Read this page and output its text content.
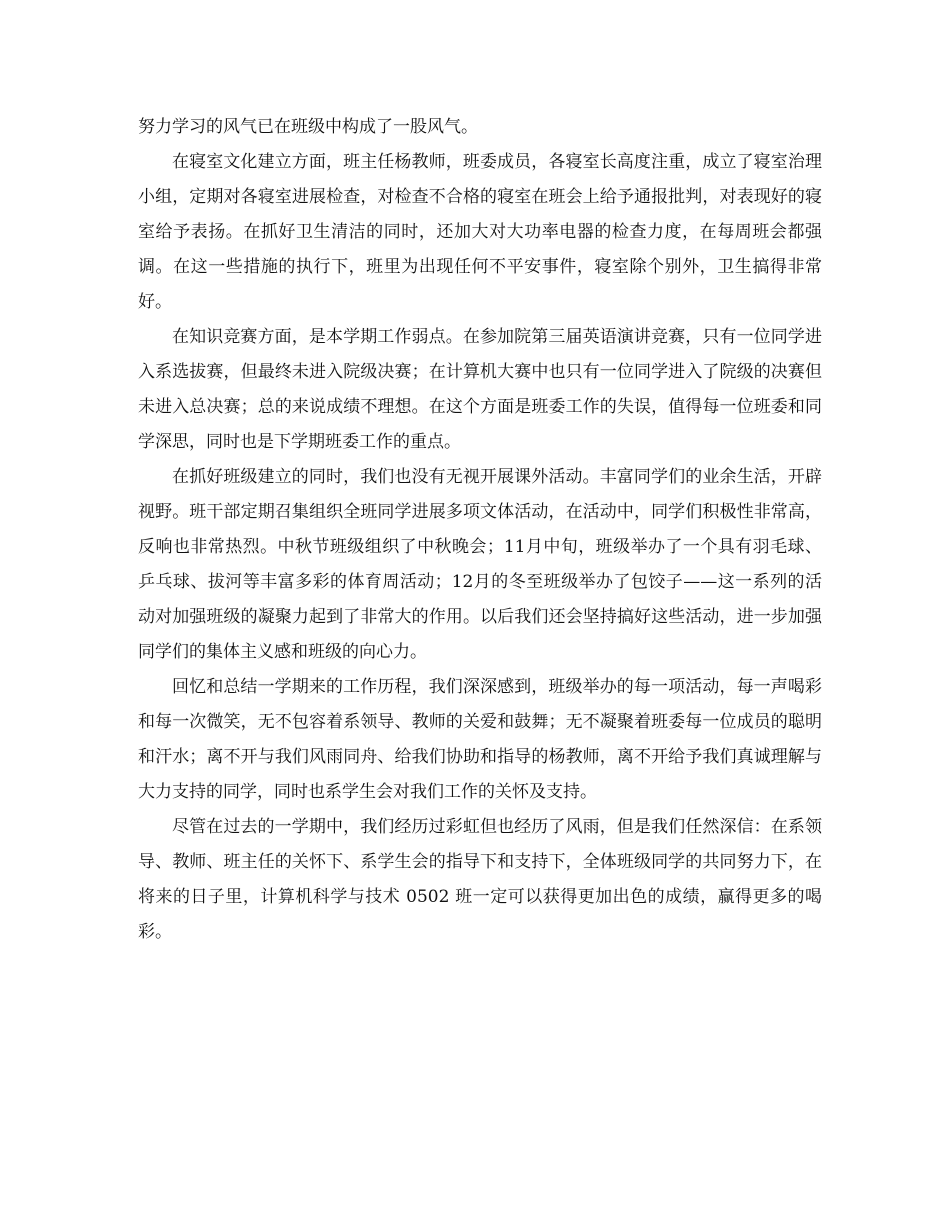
努力学习的风气已在班级中构成了一股风气。

在寝室文化建立方面，班主任杨教师，班委成员，各寝室长高度注重，成立了寝室治理小组，定期对各寝室进展检查，对检查不合格的寝室在班会上给予通报批判，对表现好的寝室给予表扬。在抓好卫生清洁的同时，还加大对大功率电器的检查力度，在每周班会都强调。在这一些措施的执行下，班里为出现任何不平安事件，寝室除个别外，卫生搞得非常好。

在知识竞赛方面，是本学期工作弱点。在参加院第三届英语演讲竞赛，只有一位同学进入系选拔赛，但最终未进入院级决赛；在计算机大赛中也只有一位同学进入了院级的决赛但未进入总决赛；总的来说成绩不理想。在这个方面是班委工作的失误，值得每一位班委和同学深思，同时也是下学期班委工作的重点。

在抓好班级建立的同时，我们也没有无视开展课外活动。丰富同学们的业余生活，开辟视野。班干部定期召集组织全班同学进展多项文体活动，在活动中，同学们积极性非常高，反响也非常热烈。中秋节班级组织了中秋晚会；11月中旬，班级举办了一个具有羽毛球、乒乓球、拔河等丰富多彩的体育周活动；12月的冬至班级举办了包饺子——这一系列的活动对加强班级的凝聚力起到了非常大的作用。以后我们还会坚持搞好这些活动，进一步加强同学们的集体主义感和班级的向心力。

回忆和总结一学期来的工作历程，我们深深感到，班级举办的每一项活动，每一声喝彩和每一次微笑，无不包容着系领导、教师的关爱和鼓舞；无不凝聚着班委每一位成员的聪明和汗水；离不开与我们风雨同舟、给我们协助和指导的杨教师，离不开给予我们真诚理解与大力支持的同学，同时也系学生会对我们工作的关怀及支持。

尽管在过去的一学期中，我们经历过彩虹但也经历了风雨，但是我们任然深信：在系领导、教师、班主任的关怀下、系学生会的指导下和支持下，全体班级同学的共同努力下，在将来的日子里，计算机科学与技术 0502 班一定可以获得更加出色的成绩，赢得更多的喝彩。
